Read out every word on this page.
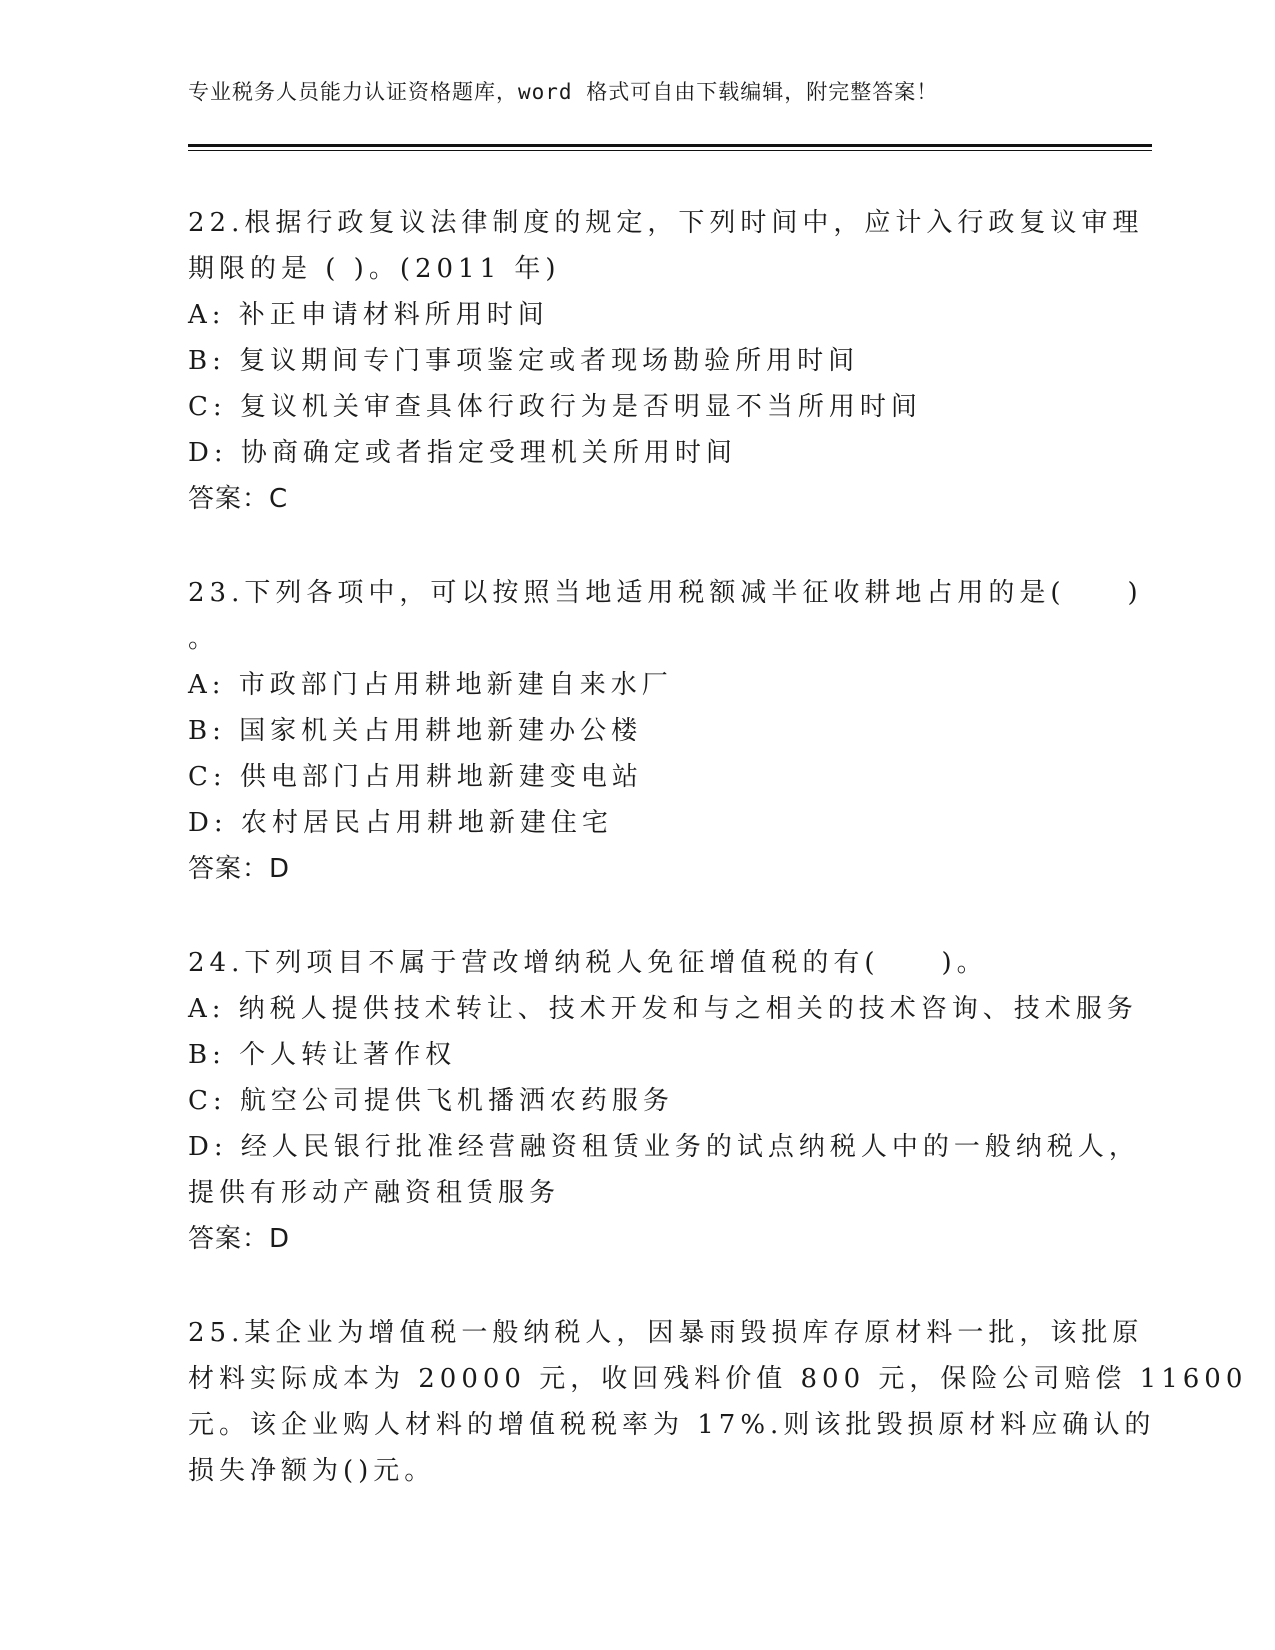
专业税务人员能力认证资格题库，word 格式可自由下载编辑，附完整答案！
22.根据行政复议法律制度的规定，下列时间中，应计入行政复议审理
期限的是 ( )。(2011 年)
A: 补正申请材料所用时间
B: 复议期间专门事项鉴定或者现场勘验所用时间
C: 复议机关审查具体行政行为是否明显不当所用时间
D: 协商确定或者指定受理机关所用时间
答案：C
23.下列各项中，可以按照当地适用税额减半征收耕地占用的是(　　)
。
A: 市政部门占用耕地新建自来水厂
B: 国家机关占用耕地新建办公楼
C: 供电部门占用耕地新建变电站
D: 农村居民占用耕地新建住宅
答案：D
24.下列项目不属于营改增纳税人免征增值税的有(　　)。
A: 纳税人提供技术转让、技术开发和与之相关的技术咨询、技术服务
B: 个人转让著作权
C: 航空公司提供飞机播洒农药服务
D: 经人民银行批准经营融资租赁业务的试点纳税人中的一般纳税人，
提供有形动产融资租赁服务
答案：D
25.某企业为增值税一般纳税人，因暴雨毁损库存原材料一批，该批原
材料实际成本为 20000 元，收回残料价值 800 元，保险公司赔偿 11600
元。该企业购人材料的增值税税率为 17%.则该批毁损原材料应确认的
损失净额为()元。
